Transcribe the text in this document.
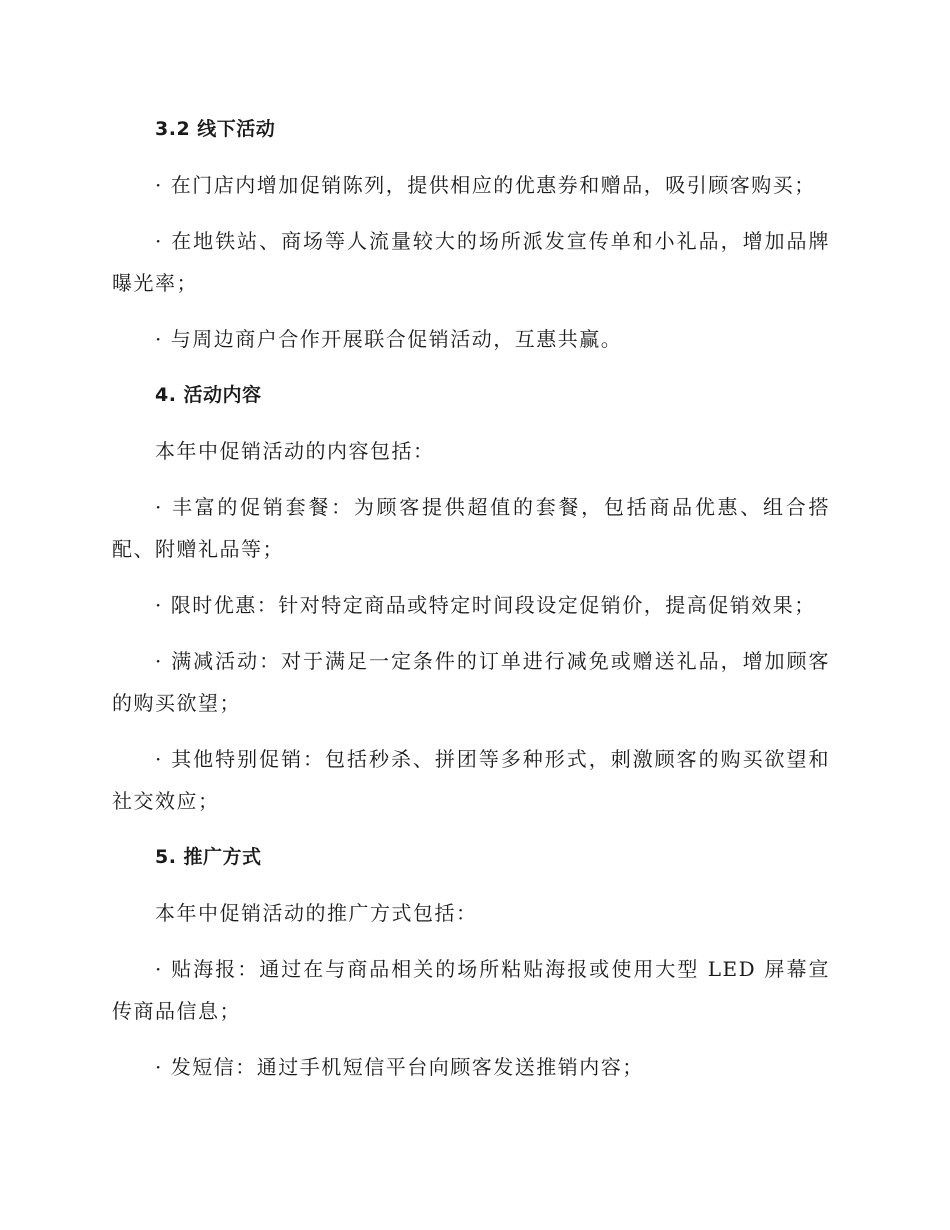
3.2 线下活动
· 在门店内增加促销陈列，提供相应的优惠券和赠品，吸引顾客购买；
· 在地铁站、商场等人流量较大的场所派发宣传单和小礼品，增加品牌曝光率；
· 与周边商户合作开展联合促销活动，互惠共赢。
4. 活动内容
本年中促销活动的内容包括：
· 丰富的促销套餐：为顾客提供超值的套餐，包括商品优惠、组合搭配、附赠礼品等；
· 限时优惠：针对特定商品或特定时间段设定促销价，提高促销效果；
· 满减活动：对于满足一定条件的订单进行减免或赠送礼品，增加顾客的购买欲望；
· 其他特别促销：包括秒杀、拼团等多种形式，刺激顾客的购买欲望和社交效应；
5. 推广方式
本年中促销活动的推广方式包括：
· 贴海报：通过在与商品相关的场所粘贴海报或使用大型 LED 屏幕宣传商品信息；
· 发短信：通过手机短信平台向顾客发送推销内容；
